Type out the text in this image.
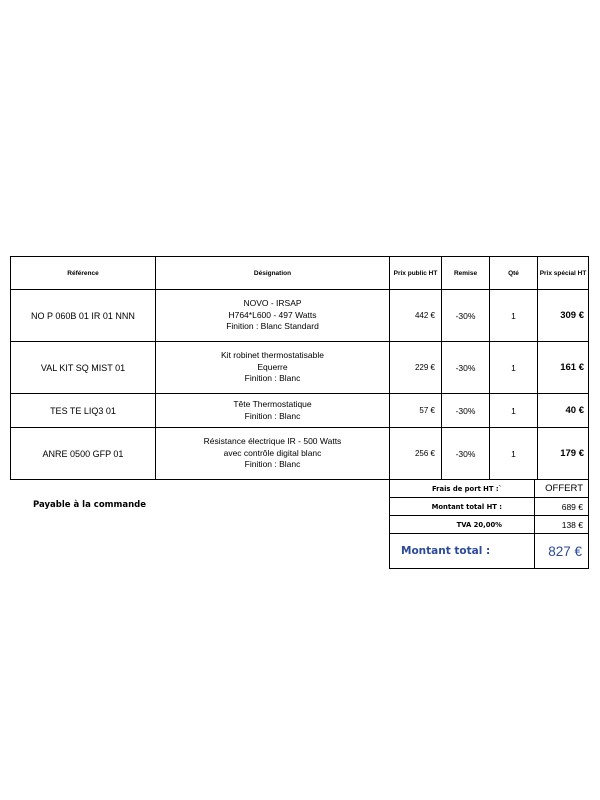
Référence	Désignation	Prix public HT	Remise	Qté	Prix spécial HT
NO P 060B 01 IR 01 NNN	NOVO - IRSAP
H764*L600 - 497 Watts
Finition : Blanc Standard	442 €	-30%	1	309 €
VAL KIT SQ MIST 01	Kit robinet thermostatisable
Equerre
Finition : Blanc	229 €	-30%	1	161 €
TES TE LIQ3 01	Tête Thermostatique
Finition : Blanc	57 €	-30%	1	40 €
ANRE 0500 GFP 01	Résistance électrique IR - 500 Watts
avec contrôle digital blanc
Finition : Blanc	256 €	-30%	1	179 €
Payable à la commande
Frais de port HT :`	OFFERT
Montant total HT :	689 €
TVA 20,00%	138 €
Montant total :	827 €
